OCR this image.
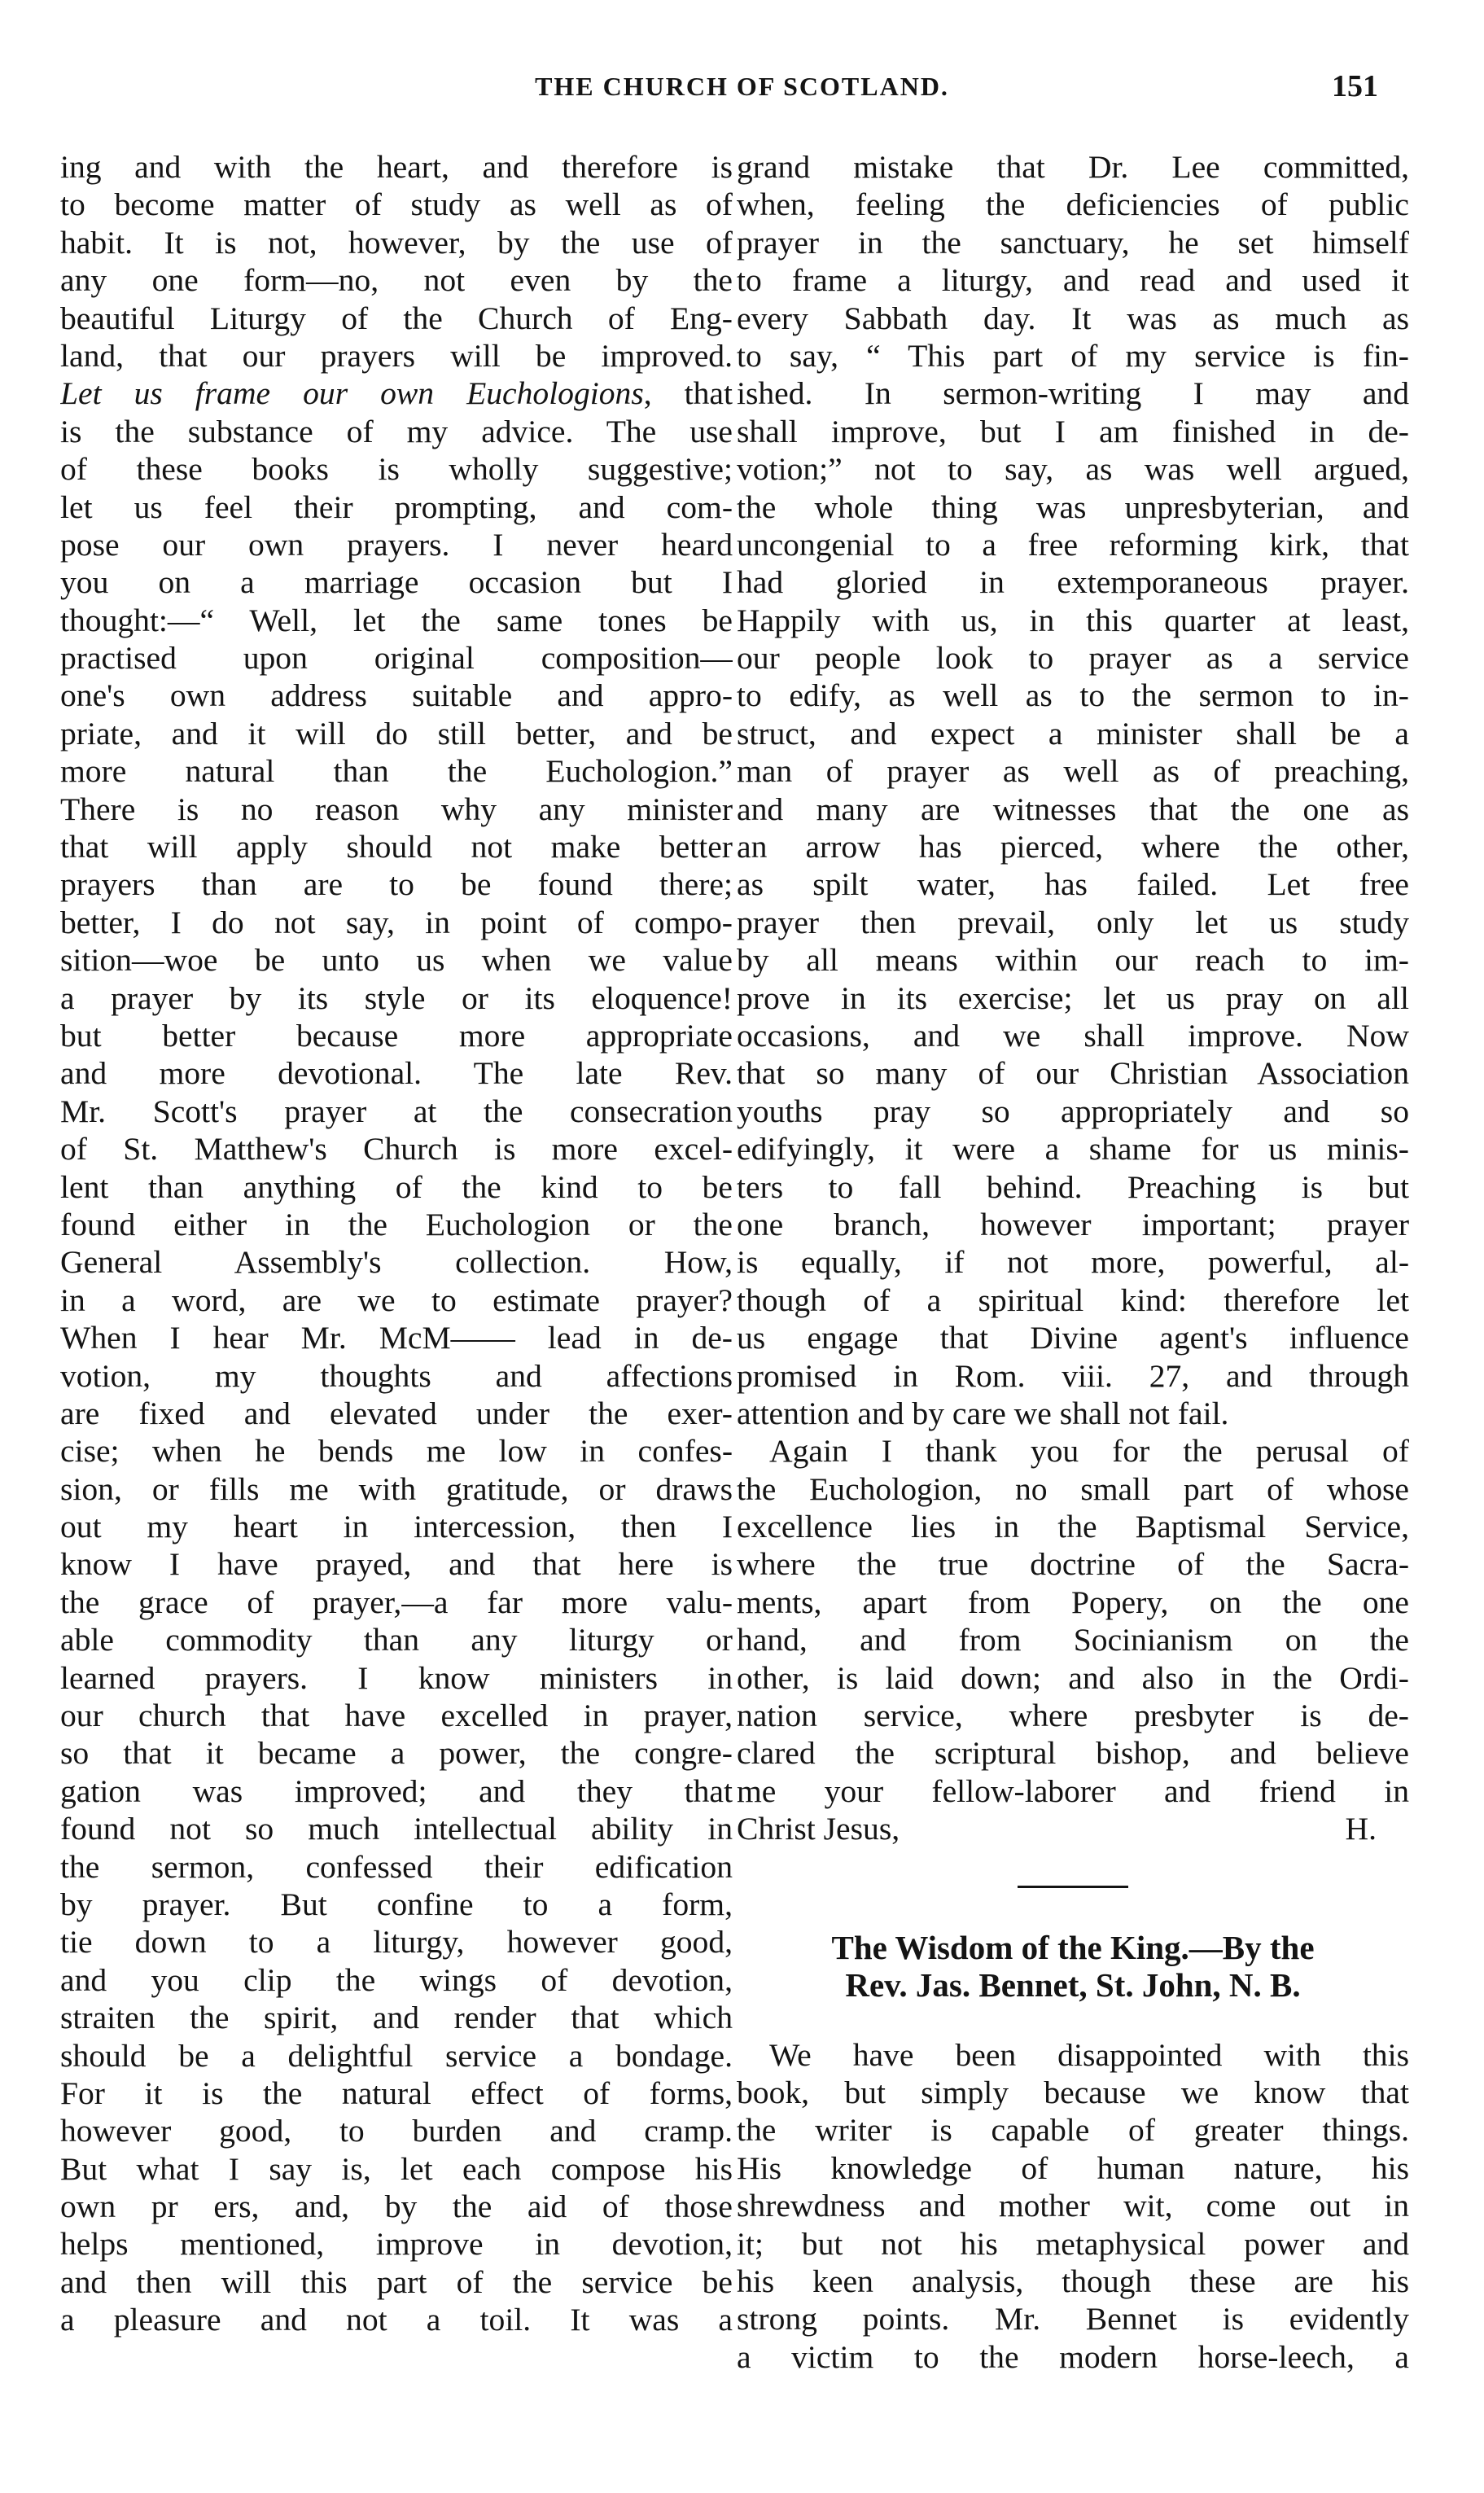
THE CHURCH OF SCOTLAND.	151
ing and with the heart, and therefore is
to become matter of study as well as of
habit. It is not, however, by the use of
any one form—no, not even by the
beautiful Liturgy of the Church of Eng-
land, that our prayers will be improved.
Let us frame our own Euchologions, that
is the substance of my advice. The use
of these books is wholly suggestive;
let us feel their prompting, and com-
pose our own prayers. I never heard
you on a marriage occasion but I
thought:—“ Well, let the same tones be
practised upon original composition—
one's own address suitable and appro-
priate, and it will do still better, and be
more natural than the Euchologion.”
There is no reason why any minister
that will apply should not make better
prayers than are to be found there;
better, I do not say, in point of compo-
sition—woe be unto us when we value
a prayer by its style or its eloquence!
but better because more appropriate
and more devotional. The late Rev.
Mr. Scott's prayer at the consecration
of St. Matthew's Church is more excel-
lent than anything of the kind to be
found either in the Euchologion or the
General Assembly's collection. How,
in a word, are we to estimate prayer?
When I hear Mr. McM—— lead in de-
votion, my thoughts and affections
are fixed and elevated under the exer-
cise; when he bends me low in confes-
sion, or fills me with gratitude, or draws
out my heart in intercession, then I
know I have prayed, and that here is
the grace of prayer,—a far more valu-
able commodity than any liturgy or
learned prayers. I know ministers in
our church that have excelled in prayer,
so that it became a power, the congre-
gation was improved; and they that
found not so much intellectual ability in
the sermon, confessed their edification
by prayer. But confine to a form,
tie down to a liturgy, however good,
and you clip the wings of devotion,
straiten the spirit, and render that which
should be a delightful service a bondage.
For it is the natural effect of forms,
however good, to burden and cramp.
But what I say is, let each compose his
own pr ers, and, by the aid of those
helps mentioned, improve in devotion,
and then will this part of the service be
a pleasure and not a toil. It was a
grand mistake that Dr. Lee committed,
when, feeling the deficiencies of public
prayer in the sanctuary, he set himself
to frame a liturgy, and read and used it
every Sabbath day. It was as much as
to say, “ This part of my service is fin-
ished. In sermon-writing I may and
shall improve, but I am finished in de-
votion;” not to say, as was well argued,
the whole thing was unpresbyterian, and
uncongenial to a free reforming kirk, that
had gloried in extemporaneous prayer.
Happily with us, in this quarter at least,
our people look to prayer as a service
to edify, as well as to the sermon to in-
struct, and expect a minister shall be a
man of prayer as well as of preaching,
and many are witnesses that the one as
an arrow has pierced, where the other,
as spilt water, has failed. Let free
prayer then prevail, only let us study
by all means within our reach to im-
prove in its exercise; let us pray on all
occasions, and we shall improve. Now
that so many of our Christian Association
youths pray so appropriately and so
edifyingly, it were a shame for us minis-
ters to fall behind. Preaching is but
one branch, however important; prayer
is equally, if not more, powerful, al-
though of a spiritual kind: therefore let
us engage that Divine agent's influence
promised in Rom. viii. 27, and through
attention and by care we shall not fail.
Again I thank you for the perusal of
the Euchologion, no small part of whose
excellence lies in the Baptismal Service,
where the true doctrine of the Sacra-
ments, apart from Popery, on the one
hand, and from Socinianism on the
other, is laid down; and also in the Ordi-
nation service, where presbyter is de-
clared the scriptural bishop, and believe
me your fellow-laborer and friend in
Christ Jesus,	H.
The Wisdom of the King.—By the
Rev. Jas. Bennet, St. John, N. B.
We have been disappointed with this
book, but simply because we know that
the writer is capable of greater things.
His knowledge of human nature, his
shrewdness and mother wit, come out in
it; but not his metaphysical power and
his keen analysis, though these are his
strong points. Mr. Bennet is evidently
a victim to the modern horse-leech, a
